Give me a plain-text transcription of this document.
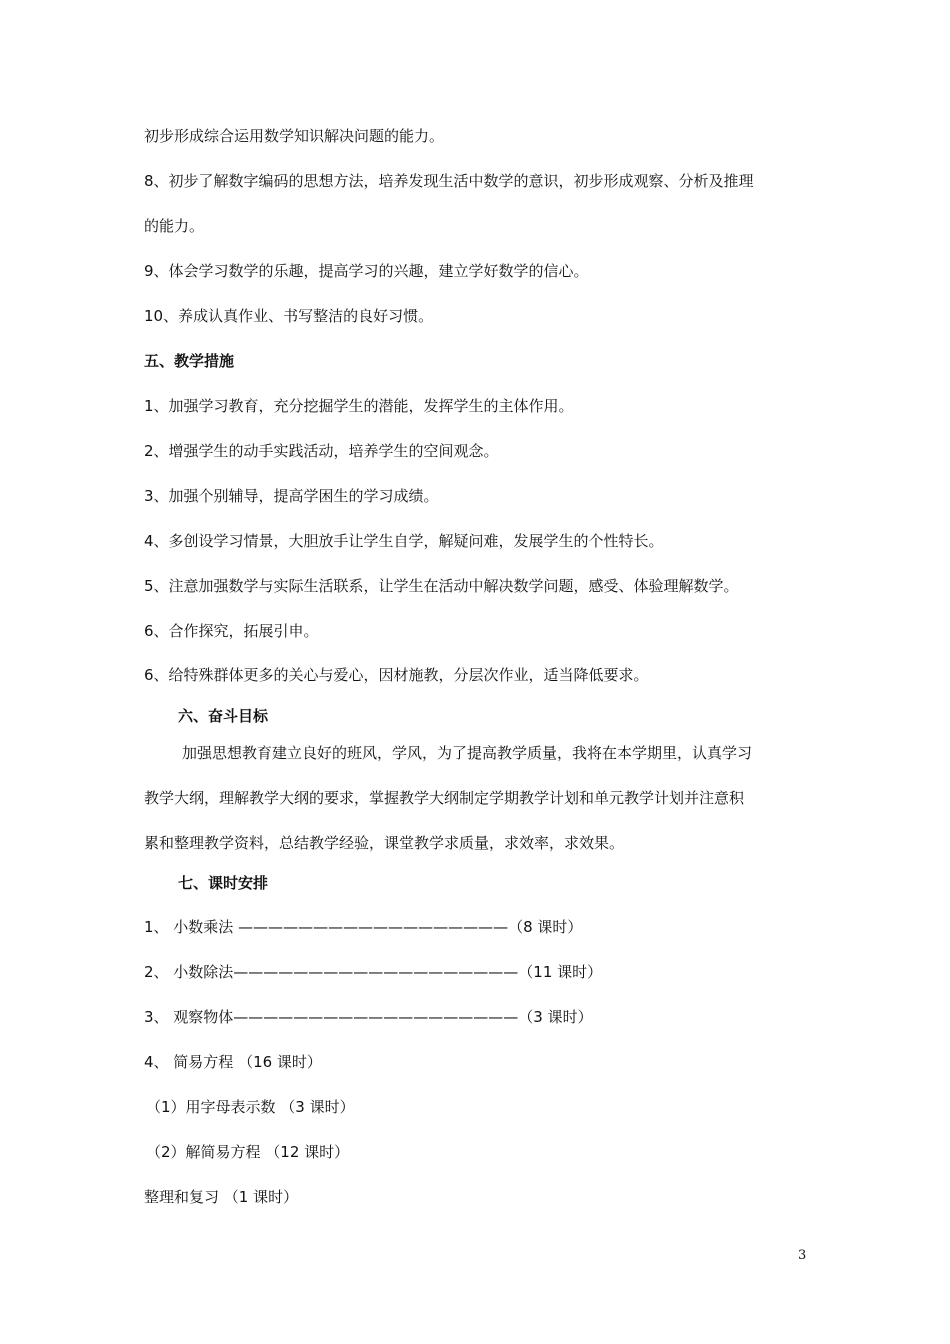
初步形成综合运用数学知识解决问题的能力。
8、初步了解数字编码的思想方法，培养发现生活中数学的意识，初步形成观察、分析及推理
的能力。
9、体会学习数学的乐趣，提高学习的兴趣，建立学好数学的信心。
10、养成认真作业、书写整洁的良好习惯。
五、教学措施
1、加强学习教育，充分挖掘学生的潜能，发挥学生的主体作用。
2、增强学生的动手实践活动，培养学生的空间观念。
3、加强个别辅导，提高学困生的学习成绩。
4、多创设学习情景，大胆放手让学生自学，解疑问难，发展学生的个性特长。
5、注意加强数学与实际生活联系，让学生在活动中解决数学问题，感受、体验理解数学。
6、合作探究，拓展引申。
6、给特殊群体更多的关心与爱心，因材施教，分层次作业，适当降低要求。
六、奋斗目标
加强思想教育建立良好的班风，学风，为了提高教学质量，我将在本学期里，认真学习
教学大纲，理解教学大纲的要求，掌握教学大纲制定学期教学计划和单元教学计划并注意积
累和整理教学资料，总结教学经验，课堂教学求质量，求效率，求效果。
七、课时安排
1、 小数乘法 ——————————————————（8 课时）
2、 小数除法———————————————————（11 课时）
3、 观察物体———————————————————（3 课时）
4、 简易方程 （16 课时）
（1）用字母表示数 （3 课时）
（2）解简易方程 （12 课时）
整理和复习 （1 课时）
3
